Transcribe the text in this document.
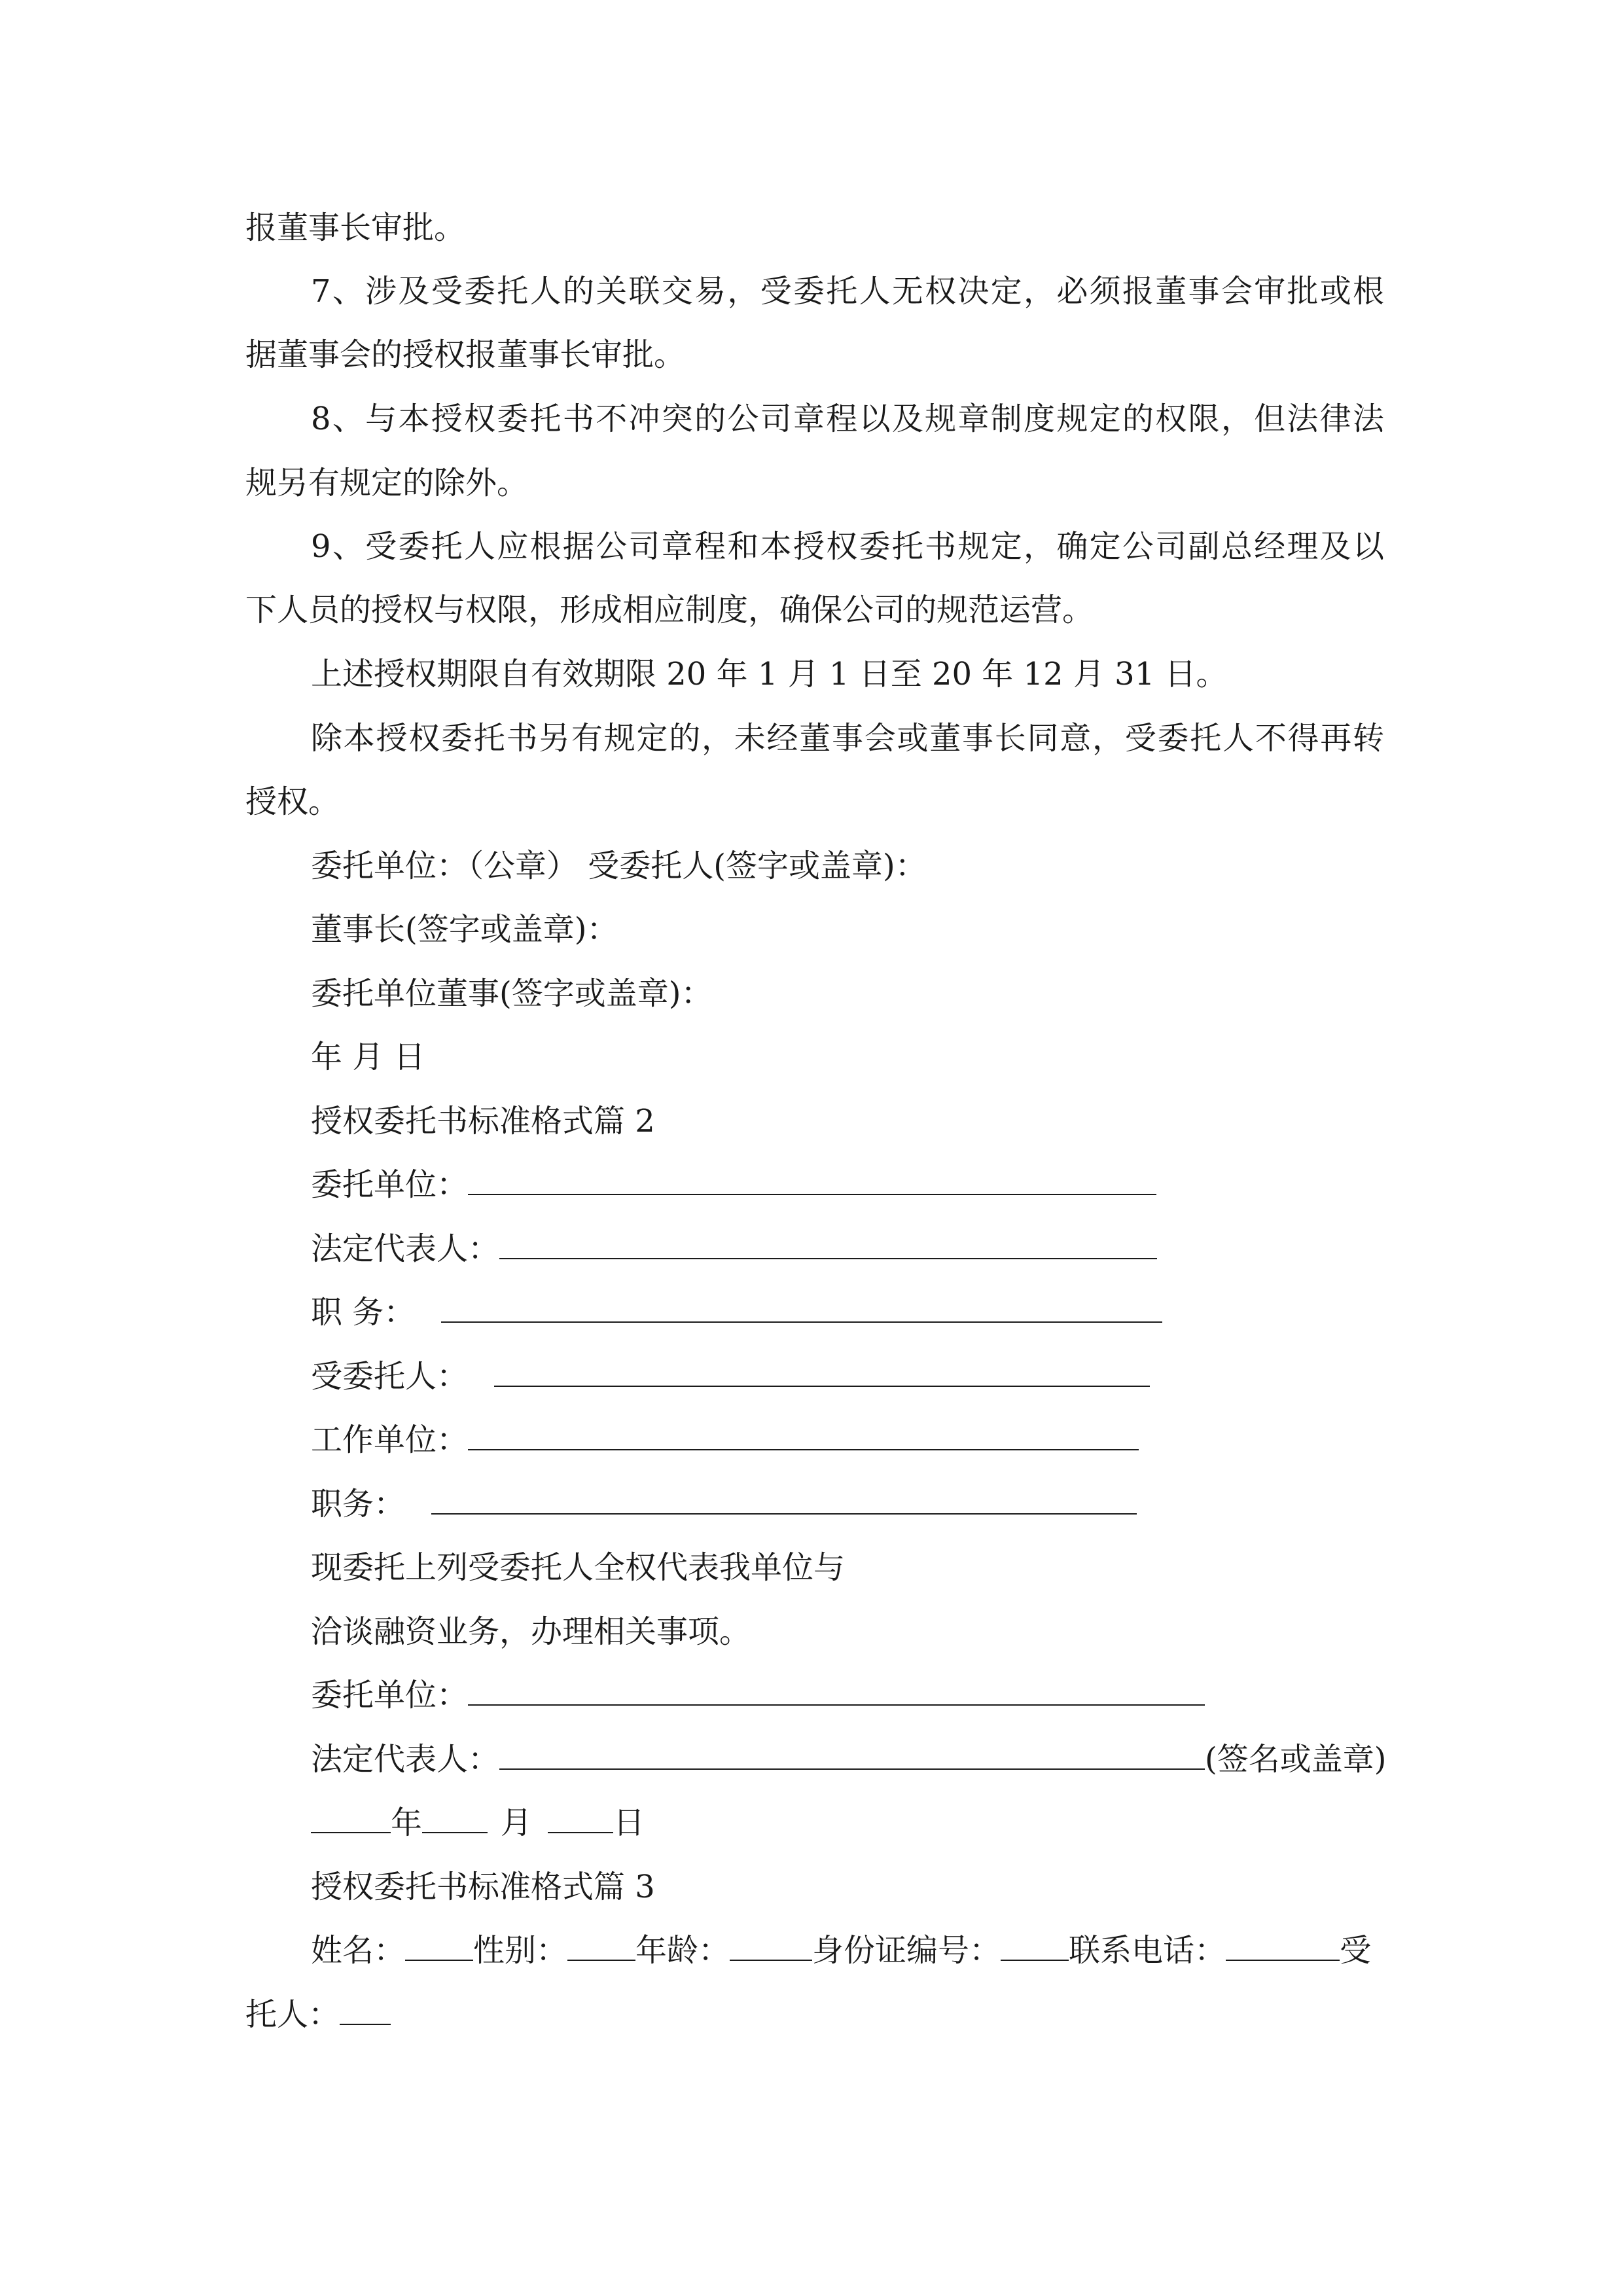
报董事长审批。
7、涉及受委托人的关联交易，受委托人无权决定，必须报董事会审批或根
据董事会的授权报董事长审批。
8、与本授权委托书不冲突的公司章程以及规章制度规定的权限，但法律法
规另有规定的除外。
9、受委托人应根据公司章程和本授权委托书规定，确定公司副总经理及以
下人员的授权与权限，形成相应制度，确保公司的规范运营。
上述授权期限自有效期限 20 年 1 月 1 日至 20 年 12 月 31 日。
除本授权委托书另有规定的，未经董事会或董事长同意，受委托人不得再转
授权。
委托单位：（公章） 受委托人(签字或盖章)：
董事长(签字或盖章)：
委托单位董事(签字或盖章)：
年 月 日
授权委托书标准格式篇 2
委托单位：
法定代表人：
职 务：
受委托人：
工作单位：
职务：
现委托上列受委托人全权代表我单位与
洽谈融资业务，办理相关事项。
委托单位：
法定代表人：	(签名或盖章)
年	月	日
授权委托书标准格式篇 3
姓名： 性别： 年龄：	身份证编号： 联系电话：	受
托人：
